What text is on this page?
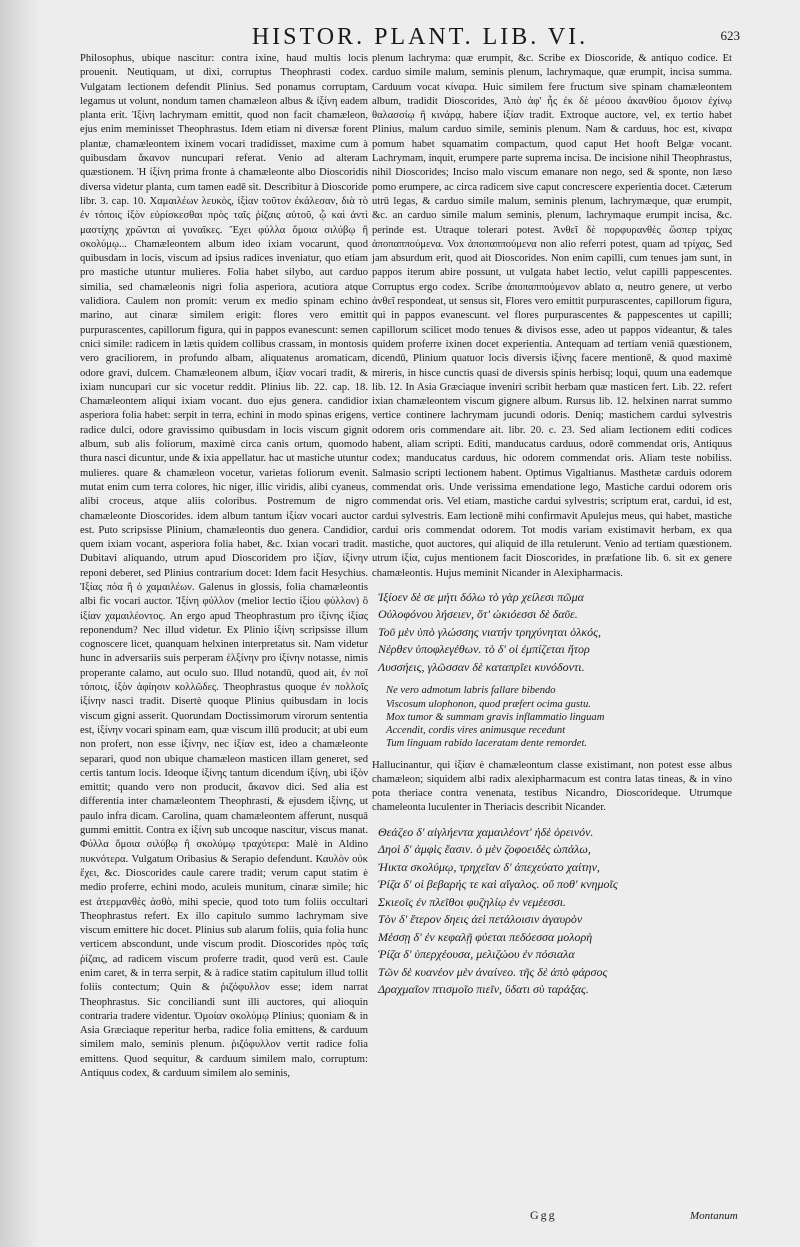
HISTOR. PLANT. LIB. VI.	623

Philosophus, ubique nascitur: contra ixine, haud multis locis prouenit. Neutiquam, ut dixi, corruptus Theophrasti codex. Vulgatam lectionem defendit Plinius. Sed ponamus corruptam, legamus ut volunt, nondum tamen chamæleon albus & ἰξίνη eadem planta erit. Ἰξίνη lachrymam emittit, quod non facit chamæleon, ejus enim meminisset Theophrastus. Idem etiam ni diversæ forent plantæ, chamæleontem ixinem vocari tradidisset, maxime cum à quibusdam ἄκανον nuncupari referat. Venio ad alteram quæstionem. Ἡ ἰξίνη prima fronte à chamæleonte albo Dioscoridis diversa videtur planta, cum tamen eadē sit. Describitur à Dioscoride libr. 3. cap. 10. Χαμαιλέων λευκὸς, ἰξίαν τοῦτον ἐκάλεσαν, διὰ τὸ ἐν τόποις ἰξὸν εὑρίσκεσθαι πρὸς ταῖς ῥίζαις αὐτοῦ, ᾧ καὶ ἀντὶ μαστίχης χρῶνται αἱ γυναῖκες. Ἔχει φύλλα ὅμοια σιλύβῳ ἢ σκολύμῳ... Chamæleontem album ideo ixiam vocarunt, quod quibusdam in locis, viscum ad ipsius radices inveniatur, quo etiam pro mastiche utuntur mulieres. Folia habet silybo, aut carduo similia, sed chamæleonis nigri folia asperiora, acutiora atque validiora. Caulem non promit: verum ex medio spinam echino marino, aut cinaræ similem erigit: flores vero emittit purpurascentes, capillorum figura, qui in pappos evanescunt: semen cnici simile: radicem in lætis quidem collibus crassam, in montosis vero graciliorem, in profundo albam, aliquatenus aromaticam, odore gravi, dulcem. Chamæleonem album, ἰξίαν vocari tradit, & ixiam nuncupari cur sic vocetur reddit. Plinius lib. 22. cap. 18. Chamæleontem aliqui ixiam vocant. duo ejus genera. candidior asperiora folia habet: serpit in terra, echini in modo spinas erigens, radice dulci, odore gravissimo quibusdam in locis viscum gignit album, sub alis foliorum, maximè circa canis ortum, quomodo thura nasci dicuntur, unde & ixia appellatur. hac ut mastiche utuntur mulieres. quare & chamæleon vocetur, varietas foliorum evenit. mutat enim cum terra colores, hic niger, illic viridis, alibi cyaneus, alibi croceus, atque aliis coloribus. Postremum de nigro chamæleonte Dioscorides. idem album tantum ἰξίαν vocari auctor est. Puto scripsisse Plinium, chamæleontis duo genera. Candidior, quem ixiam vocant, asperiora folia habet, &c. Ixian vocari tradit. Dubitavi aliquando, utrum apud Dioscoridem pro ἰξίαν, ἰξίνην reponi deberet, sed Plinius contrarium docet: Idem facit Hesychius. Ἰξίας πόα ἢ ὁ χαμαιλέων. Galenus in glossis, folia chamæleontis albi fic vocari auctor. Ἰξίνη φύλλον (melior lectio ἰξίου φύλλον) ὃ ἰξίαν χαμαιλέοντος. An ergo apud Theophrastum pro ἰξίνης ἰξίας reponendum? Nec illud videtur. Ex Plinio ἰξίνη scripsisse illum cognoscere licet, quanquam helxinen interpretatus sit. Nam videtur hunc in adversariis suis perperam ἑλξίνην pro ἰξίνην notasse, nimis properante calamo, aut oculo suo. Illud notandū, quod ait, ἐν ποῖ τόποις, ἰξὸν ἀφίησιν κολλῶδες. Theophrastus quoque ἐν πολλοῖς ἰξίνην nasci tradit. Disertè quoque Plinius quibusdam in locis viscum gigni asserit. Quorundam Doctissimorum virorum sententia est, ἰξίνην vocari spinam eam, quæ viscum illū producit; at ubi eum non profert, non esse ἰξίνην, nec ἰξίαν est, ideo a chamæleonte separari, quod non ubique chamæleon masticen illam generet, sed certis tantum locis. Ideoque ἰξίνης tantum dicendum ἰξίνη, ubi ἰξὸν emittit; quando vero non producit, ἄκανον dici. Sed alia est differentia inter chamæleontem Theophrasti, & ejusdem ἰξίνης, ut paulo infra dicam. Carolina, quam chamæleontem afferunt, nusquā gummi emittit. Contra ex ἰξίνη sub uncoque nascitur, viscus manat. Φύλλα ὅμοια σιλύβῳ ἢ σκολύμῳ τραχύτερα: Malè in Aldino πυκνότερα. Vulgatum Oribasius & Serapio defendunt. Καυλὸν οὐκ ἔχει, &c. Dioscorides caule carere tradit; verum caput statim è medio proferre, echini modo, aculeis munitum, cinaræ simile; hic est ἀτερμανθὲς ἀσθὸ, mihi specie, quod toto tum foliis occultari Theophrastus refert. Ex illo capitulo summo lachrymam sive viscum emittere hic docet. Plinius sub alarum foliis, quia folia hunc verticem abscondunt, unde viscum prodit. Dioscorides πρὸς ταῖς ῥίζαις, ad radicem viscum proferre tradit, quod verū est. Caule enim caret, & in terra serpit, & à radice statim capitulum illud tollit foliis contectum; Quin & ῥιζόφυλλον esse; idem narrat Theophrastus. Sic conciliandi sunt illi auctores, qui alioquin contraria tradere videntur. Ὁμοίαν σκολύμῳ Plinius; quoniam & in Asia Græciaque reperitur herba, radice folia emittens, & carduum similem malo, seminis plenum. ῥιζόφυλλον vertit radice folia emittens. Quod sequitur, & carduum similem malo, corruptum: Antiquus codex, & carduum similem alo seminis,

plenum lachryma: quæ erumpit, &c. Scribe ex Dioscoride, & antiquo codice. Et carduo simile malum, seminis plenum, lachrymaque, quæ erumpit, incisa summa. Carduum vocat κίναρα. Huic similem fere fructum sive spinam chamæleontem album, tradidit Dioscorides, Ἀπὸ ἀφ' ἧς ἐκ δὲ μέσου ἀκανθίου ὅμοιον ἐχίνῳ θαλασσίῳ ἢ κινάρᾳ, habere ἰξίαν tradit. Extroque auctore, vel, ex tertio habet Plinius, malum carduo simile, seminis plenum. Nam & carduus, hoc est, κίναρα pomum habet squamatim compactum, quod caput Het hooft Belgæ vocant. Lachrymam, inquit, erumpere parte suprema incisa. De incisione nihil Theophrastus, nihil Dioscorides; Inciso malo viscum emanare non nego, sed & sponte, non læso pomo erumpere, ac circa radicem sive caput concrescere experientia docet. Cæterum utrū legas, & carduo simile malum, seminis plenum, lachrymæque, quæ erumpit, &c. an carduo simile malum seminis, plenum, lachrymaque erumpit incisa, &c. perinde est. Utraque tolerari potest. Ἀνθεῖ δὲ πορφυρανθὲς ὥσπερ τρίχας ἀποπαππούμενα. Vox ἀποπαππούμενα non alio referri potest, quam ad τρίχας, Sed jam absurdum erit, quod ait Dioscorides. Non enim capilli, cum tenues jam sunt, in pappos iterum abire possunt, ut vulgata habet lectio, velut capilli pappescentes. Corruptus ergo codex. Scribe ἀποπαππούμενον ablato α, neutro genere, ut verbo ἀνθεῖ respondeat, ut sensus sit, Flores vero emittit purpurascentes, capillorum figura, qui in pappos evanescunt. vel flores purpurascentes & pappescentes ut capilli; capillorum scilicet modo tenues & divisos esse, adeo ut pappos videantur, & tales quidem proferre ixinen docet experientia. Antequam ad tertiam veniā quæstionem, dicendū, Plinium quatuor locis diversis ἰξίνης facere mentionē, & quod maximè mireris, in hisce cunctis quasi de diversis spinis herbisq; loqui, quum una eademque lib. 12. In Asia Græciaque inveniri scribit herbam quæ masticen fert. Lib. 22. refert ixian chamæleontem viscum gignere album. Rursus lib. 12. helxinen narrat summo vertice continere lachrymam jucundi odoris. Deniq; mastichem cardui sylvestris odorem oris commendare ait. libr. 20. c. 23. Sed aliam lectionem editi codices habent, aliam scripti. Editi, manducatus carduus, odorē commendat oris, Antiquus codex; manducatus carduus, hic odorem commendat oris. Aliam teste nobiliss. Salmasio scripti lectionem habent. Optimus Vigaltianus. Masthetæ carduis odorem commendat oris. Unde verissima emendatione lego, Mastiche cardui odorem oris commendat oris. Vel etiam, mastiche cardui sylvestris; scriptum erat, cardui, id est, cardui sylvestris. Eam lectionē mihi confirmavit Apulejus meus, qui habet, mastiche cardui oris commendat odorem. Tot modis variam existimavit herbam, ex qua mastiche, quot auctores, qui aliquid de illa retulerunt. Venio ad tertiam quæstionem. utrum ἰξία, cujus mentionem facit Dioscorides, in præfatione lib. 6. sit ex genere chamæleontis. Hujus meminit Nicander in Alexipharmacis.

Ἰξίοεν δὲ σε μήτι δόλω τὸ γὰρ χείλεσι πῶμα
Οὐλοφόνου λήσειεν, ὅτ' ὠκιόεσσι δὲ δαῦε.
Τοῦ μὲν ὑπὸ γλώσσης νιατήν τρηχύνηται ὁλκός,
Νέρθεν ὑποφλεγέθων. τὸ δ' οἱ ἐμπίζεται ἤτορ
Λυσσήεις, γλῶσσαν δὲ καταπρῖει κυνόδοντι.
Ne vero admotum labris fallare bibendo
Viscosum ulophonon, quod præfert ocima gustu.
Mox tumor & summam gravis inflammatio linguam
Accendit, cordis vires animusque recedunt
Tum linguam rabido laceratam dente remordet.

Hallucinantur, qui ἰξίαν è chamæleontum classe existimant, non potest esse albus chamæleon; siquidem albi radix alexipharmacum est contra latas tineas, & in vino pota theriace contra venenata, testibus Nicandro, Dioscorideque. Utrumque chameleonta luculenter in Theriacis describit Nicander.

Θεάζεο δ' αἰγλήεντα χαμαιλέοντ' ἠδὲ ὀρεινόν.
Δηοὶ δ' ἀμφὶς ἔασιν. ὁ μὲν ζοφοειδὲς ὠπάλω,
Ἠικτα σκολύμῳ, τρηχεῖαν δ' ἀπεχεύατο χαίτην,
Ῥίζα δ' οἱ βεβαρής τε καὶ αἴγαλος. οὕ ποθ' κνημοῖς
Σκιεοῖς ἐν πλεῖθοι φυζηλίῳ ἐν νεμέεσσι.
Τὸν δ' ἕτερον δηεις ἀεὶ πετάλοισιν ἀγαυρὸν
Μέσσῃ δ' ἐν κεφαλῇ φύεται πεδόεσσα μολορὴ
Ῥίζα δ' ὑπερχέουσα, μελιζώου ἐν πόσιαλα
Τῶν δὲ κυανέον μὲν ἀναίνεο. τῆς δὲ ἀπὸ φάρσος
Δραχμαῖον πτισμοῖο πιεῖν, ὕδατι σὺ ταράξας.
Ggg	Montanum
